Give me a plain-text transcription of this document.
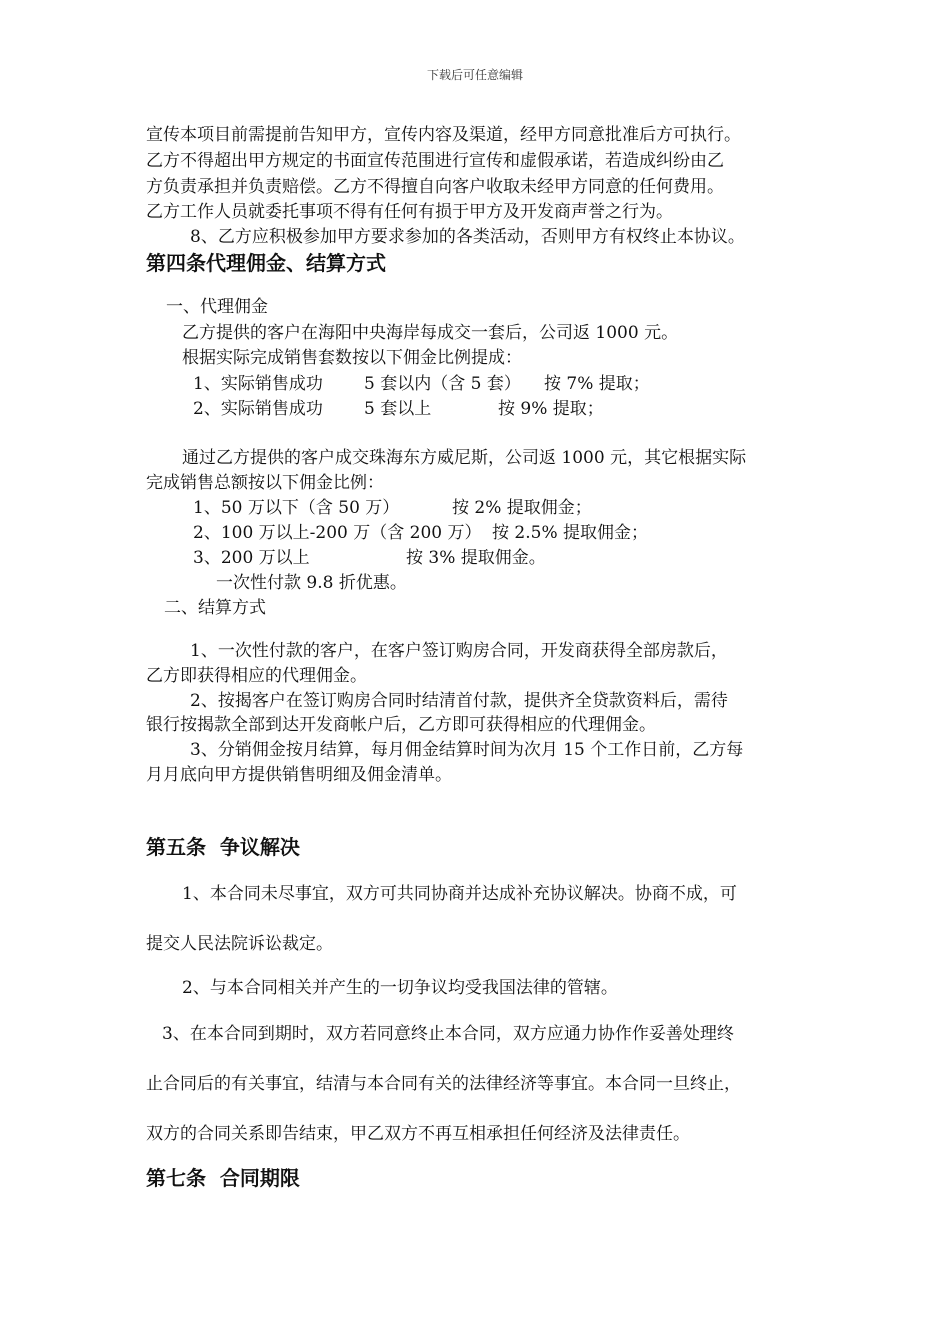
下载后可任意编辑
宣传本项目前需提前告知甲方，宣传内容及渠道，经甲方同意批准后方可执行。
乙方不得超出甲方规定的书面宣传范围进行宣传和虚假承诺，若造成纠纷由乙
方负责承担并负责赔偿。乙方不得擅自向客户收取未经甲方同意的任何费用。
乙方工作人员就委托事项不得有任何有损于甲方及开发商声誉之行为。
8、乙方应积极参加甲方要求参加的各类活动，否则甲方有权终止本协议。
第四条代理佣金、结算方式
一、代理佣金
乙方提供的客户在海阳中央海岸每成交一套后，公司返 1000 元。
根据实际完成销售套数按以下佣金比例提成：
1、实际销售成功 5 套以内（含 5 套） 按 7% 提取；
2、实际销售成功 5 套以上	按 9% 提取；
通过乙方提供的客户成交珠海东方威尼斯，公司返 1000 元，其它根据实际
完成销售总额按以下佣金比例：
1、50 万以下（含 50 万）	按 2% 提取佣金；
2、100 万以上-200 万（含 200 万） 按 2.5% 提取佣金；
3、200 万以上	按 3% 提取佣金。
一次性付款 9.8 折优惠。
二、结算方式
1、一次性付款的客户，在客户签订购房合同，开发商获得全部房款后，
乙方即获得相应的代理佣金。
2、按揭客户在签订购房合同时结清首付款，提供齐全贷款资料后，需待
银行按揭款全部到达开发商帐户后，乙方即可获得相应的代理佣金。
3、分销佣金按月结算，每月佣金结算时间为次月 15 个工作日前，乙方每
月月底向甲方提供销售明细及佣金清单。
第五条  争议解决
1、本合同未尽事宜，双方可共同协商并达成补充协议解决。协商不成，可
提交人民法院诉讼裁定。
2、与本合同相关并产生的一切争议均受我国法律的管辖。
3、在本合同到期时，双方若同意终止本合同，双方应通力协作作妥善处理终
止合同后的有关事宜，结清与本合同有关的法律经济等事宜。本合同一旦终止，
双方的合同关系即告结束，甲乙双方不再互相承担任何经济及法律责任。
第七条  合同期限
